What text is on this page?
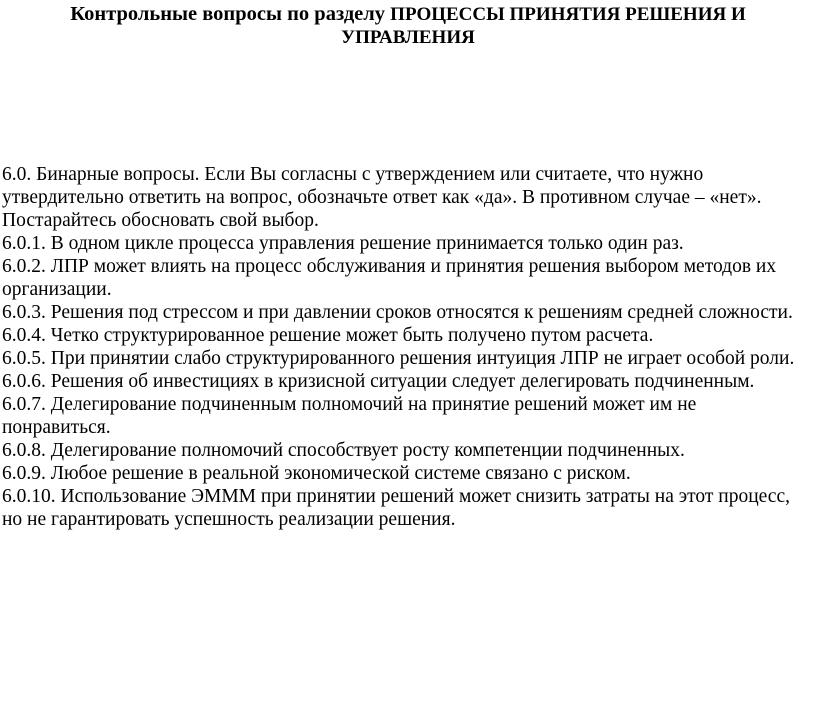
Контрольные вопросы по разделу ПРОЦЕССЫ ПРИНЯТИЯ РЕШЕНИЯ И УПРАВЛЕНИЯ

6.0. Бинарные вопросы. Если Вы согласны с утверждением или считаете, что нужно утвердительно ответить на вопрос, обозначьте ответ как «да». В противном случае – «нет». Постарайтесь обосновать свой выбор.

6.0.1. В одном цикле процесса управления решение принимается только один раз.

6.0.2. ЛПР может влиять на процесс обслуживания и принятия решения выбором методов их организации.

6.0.3. Решения под стрессом и при давлении сроков относятся к решениям средней сложности.

6.0.4. Четко структурированное решение может быть получено путом расчета.

6.0.5. При принятии слабо структурированного решения интуиция ЛПР не играет особой роли.

6.0.6. Решения об инвестициях в кризисной ситуации следует делегировать подчиненным.

6.0.7. Делегирование подчиненным полномочий на принятие решений может им не понравиться.

6.0.8. Делегирование полномочий способствует росту компетенции подчиненных.

6.0.9. Любое решение в реальной экономической системе связано с риском.

6.0.10. Использование ЭМММ при принятии решений может снизить затраты на этот процесс, но не гарантировать успешность реализации решения.
